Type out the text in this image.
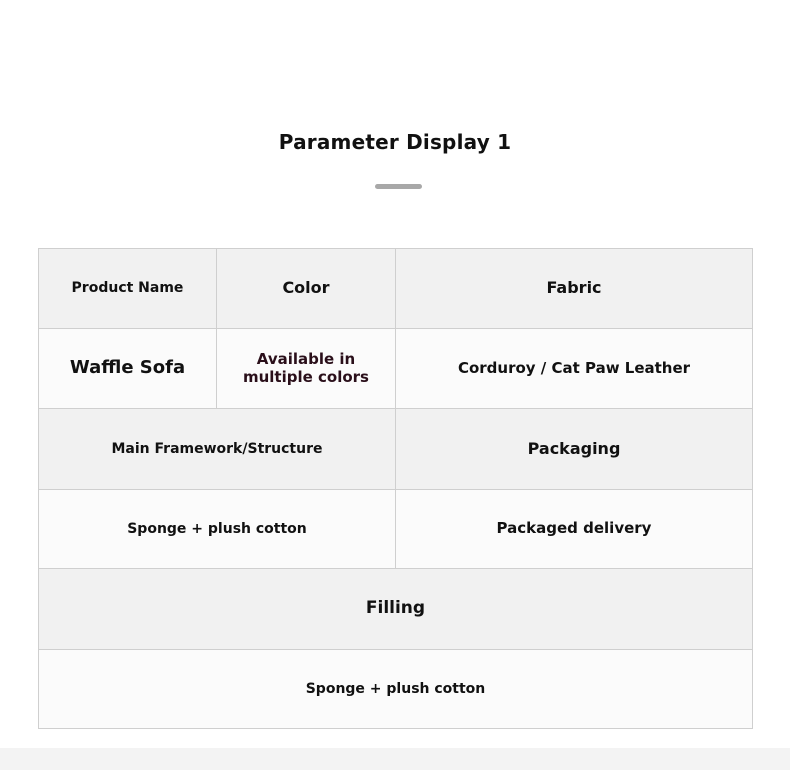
Parameter Display 1
Product Name	Color	Fabric
Waffle Sofa	Available in multiple colors	Corduroy / Cat Paw Leather
Main Framework/Structure		Packaging
Sponge + plush cotton		Packaged delivery
Filling		
Sponge + plush cotton		
